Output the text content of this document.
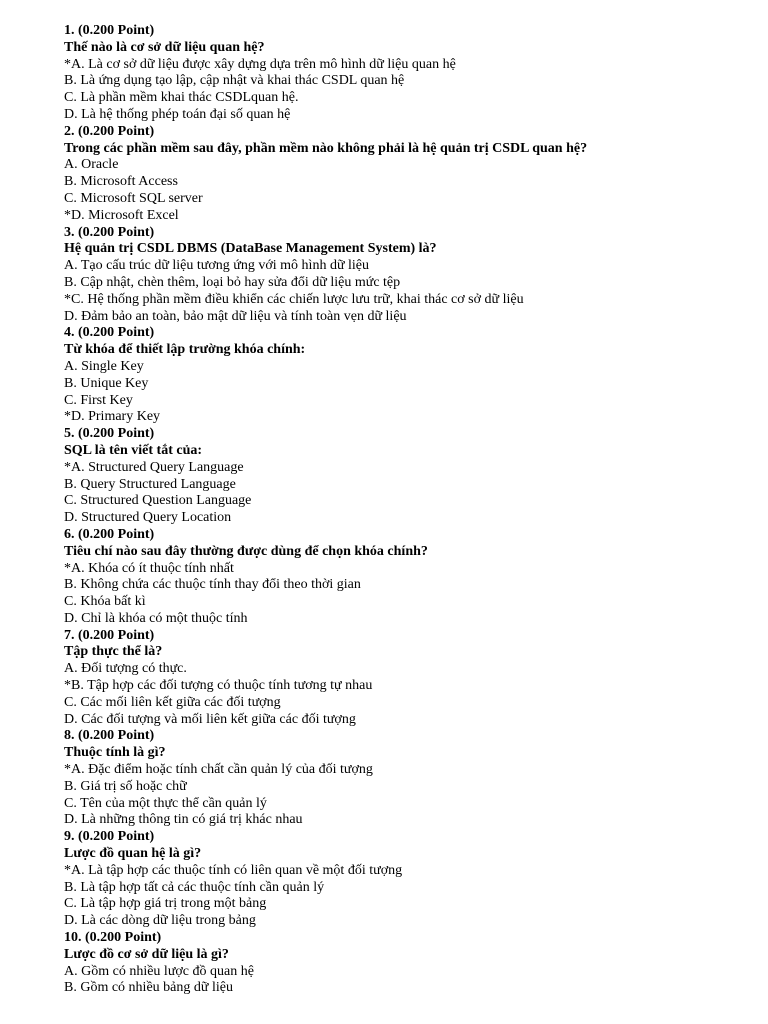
1. (0.200 Point)
Thế nào là cơ sở dữ liệu quan hệ?
*A. Là cơ sở dữ liệu được xây dựng dựa trên mô hình dữ liệu quan hệ
B. Là ứng dụng tạo lập, cập nhật và khai thác CSDL quan hệ
C. Là phần mềm khai thác CSDLquan hệ.
D. Là hệ thống phép toán đại số quan hệ
2. (0.200 Point)
Trong các phần mềm sau đây, phần mềm nào không phải là hệ quản trị CSDL quan hệ?
A. Oracle
B. Microsoft Access
C. Microsoft SQL server
*D. Microsoft Excel
3. (0.200 Point)
Hệ quản trị CSDL DBMS (DataBase Management System) là?
A. Tạo cấu trúc dữ liệu tương ứng với mô hình dữ liệu
B. Cập nhật, chèn thêm, loại bỏ hay sửa đổi dữ liệu mức tệp
*C. Hệ thống phần mềm điều khiển các chiến lược lưu trữ, khai thác cơ sở dữ liệu
D. Đảm bảo an toàn, bảo mật dữ liệu và tính toàn vẹn dữ liệu
4. (0.200 Point)
Từ khóa để thiết lập trường khóa chính:
A. Single Key
B. Unique Key
C. First Key
*D. Primary Key
5. (0.200 Point)
SQL là tên viết tắt của:
*A. Structured Query Language
B. Query Structured Language
C. Structured Question Language
D. Structured Query Location
6. (0.200 Point)
Tiêu chí nào sau đây thường được dùng để chọn khóa chính?
*A. Khóa có ít thuộc tính nhất
B. Không chứa các thuộc tính thay đổi theo thời gian
C. Khóa bất kì
D. Chỉ là khóa có một thuộc tính
7. (0.200 Point)
Tập thực thể là?
A. Đối tượng có thực.
*B. Tập hợp các đối tượng có thuộc tính tương tự nhau
C. Các mối liên kết giữa các đối tượng
D. Các đối tượng và mối liên kết giữa các đối tượng
8. (0.200 Point)
Thuộc tính là gì?
*A. Đặc điểm hoặc tính chất cần quản lý của đối tượng
B. Giá trị số hoặc chữ
C. Tên của một thực thể cần quản lý
D. Là những thông tin có giá trị khác nhau
9. (0.200 Point)
Lược đồ quan hệ là gì?
*A. Là tập hợp các thuộc tính có liên quan về một đối tượng
B. Là tập hợp tất cả các thuộc tính cần quản lý
C. Là tập hợp giá trị trong một bảng
D. Là các dòng dữ liệu trong bảng
10. (0.200 Point)
Lược đồ cơ sở dữ liệu là gì?
A. Gồm có nhiều lược đồ quan hệ
B. Gồm có nhiều bảng dữ liệu
